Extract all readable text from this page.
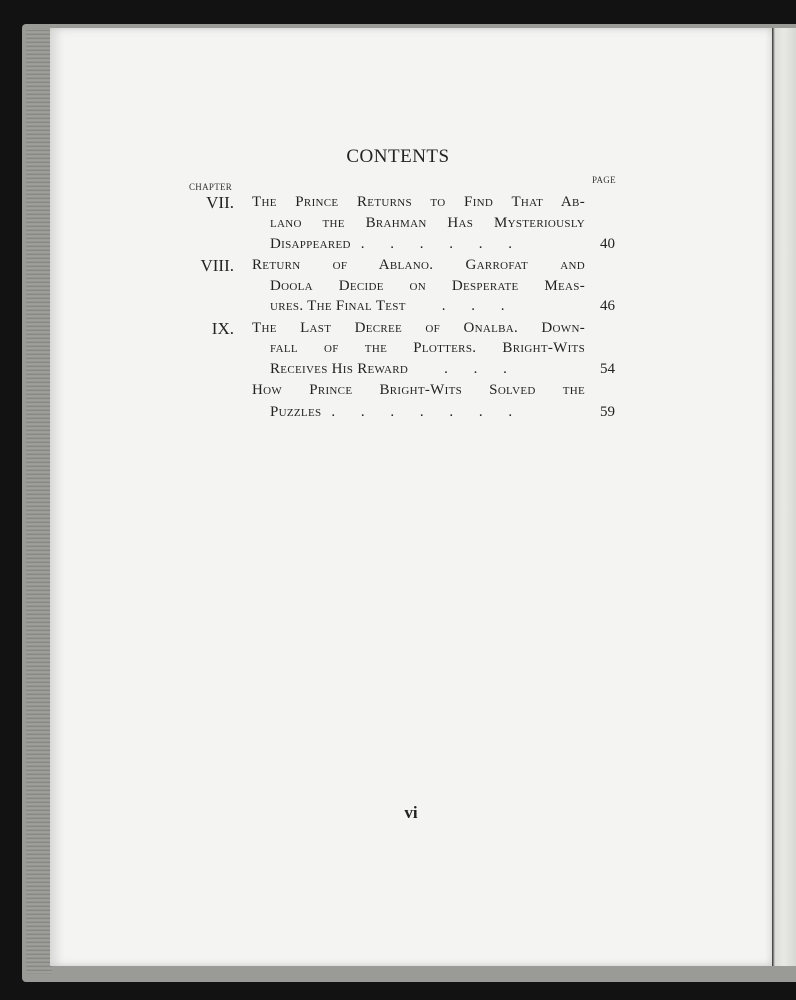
CONTENTS
CHAPTER
PAGE
VII. The Prince Returns to Find That Ab-
lano the Brahman Has Mysteriously
Disappeared . . . . . .	40
VIII. Return of Ablano. Garrofat and
Doola Decide on Desperate Meas-
ures. The Final Test . . .	46
IX. The Last Decree of Onalba. Down-
fall of the Plotters. Bright-Wits
Receives His Reward . . .	54
How Prince Bright-Wits Solved the
Puzzles . . . . . . .	59
vi
